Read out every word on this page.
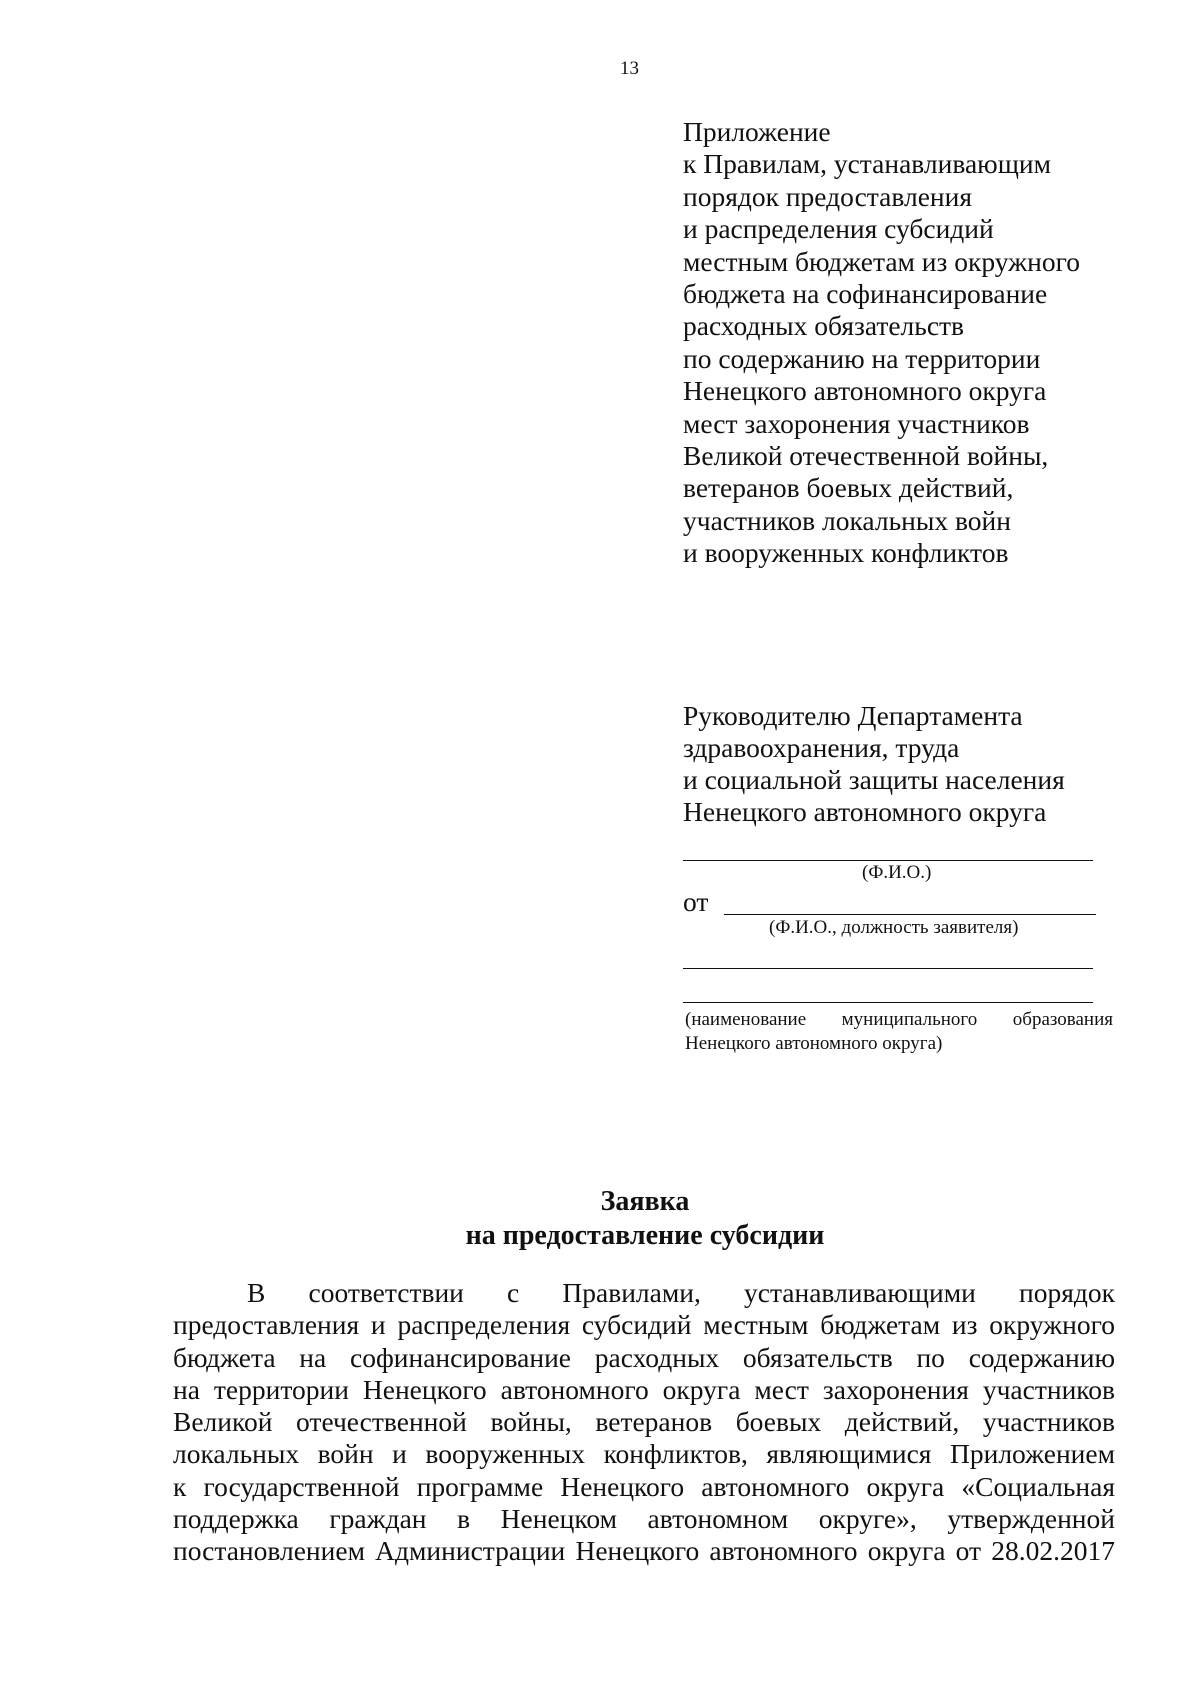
13
Приложение
к Правилам, устанавливающим
порядок предоставления
и распределения субсидий
местным бюджетам из окружного
бюджета на софинансирование
расходных обязательств
по содержанию на территории
Ненецкого автономного округа
мест захоронения участников
Великой отечественной войны,
ветеранов боевых действий,
участников локальных войн
и вооруженных конфликтов
Руководителю Департамента
здравоохранения, труда
и социальной защиты населения
Ненецкого автономного округа
(Ф.И.О.)
от
(Ф.И.О., должность заявителя)
(наименование муниципального образования Ненецкого автономного округа)
Заявка
на предоставление субсидии
В соответствии с Правилами, устанавливающими порядок
предоставления и распределения субсидий местным бюджетам из окружного
бюджета на софинансирование расходных обязательств по содержанию
на территории Ненецкого автономного округа мест захоронения участников
Великой отечественной войны, ветеранов боевых действий, участников
локальных войн и вооруженных конфликтов, являющимися Приложением
к государственной программе Ненецкого автономного округа «Социальная
поддержка граждан в Ненецком автономном округе», утвержденной
постановлением Администрации Ненецкого автономного округа от 28.02.2017
